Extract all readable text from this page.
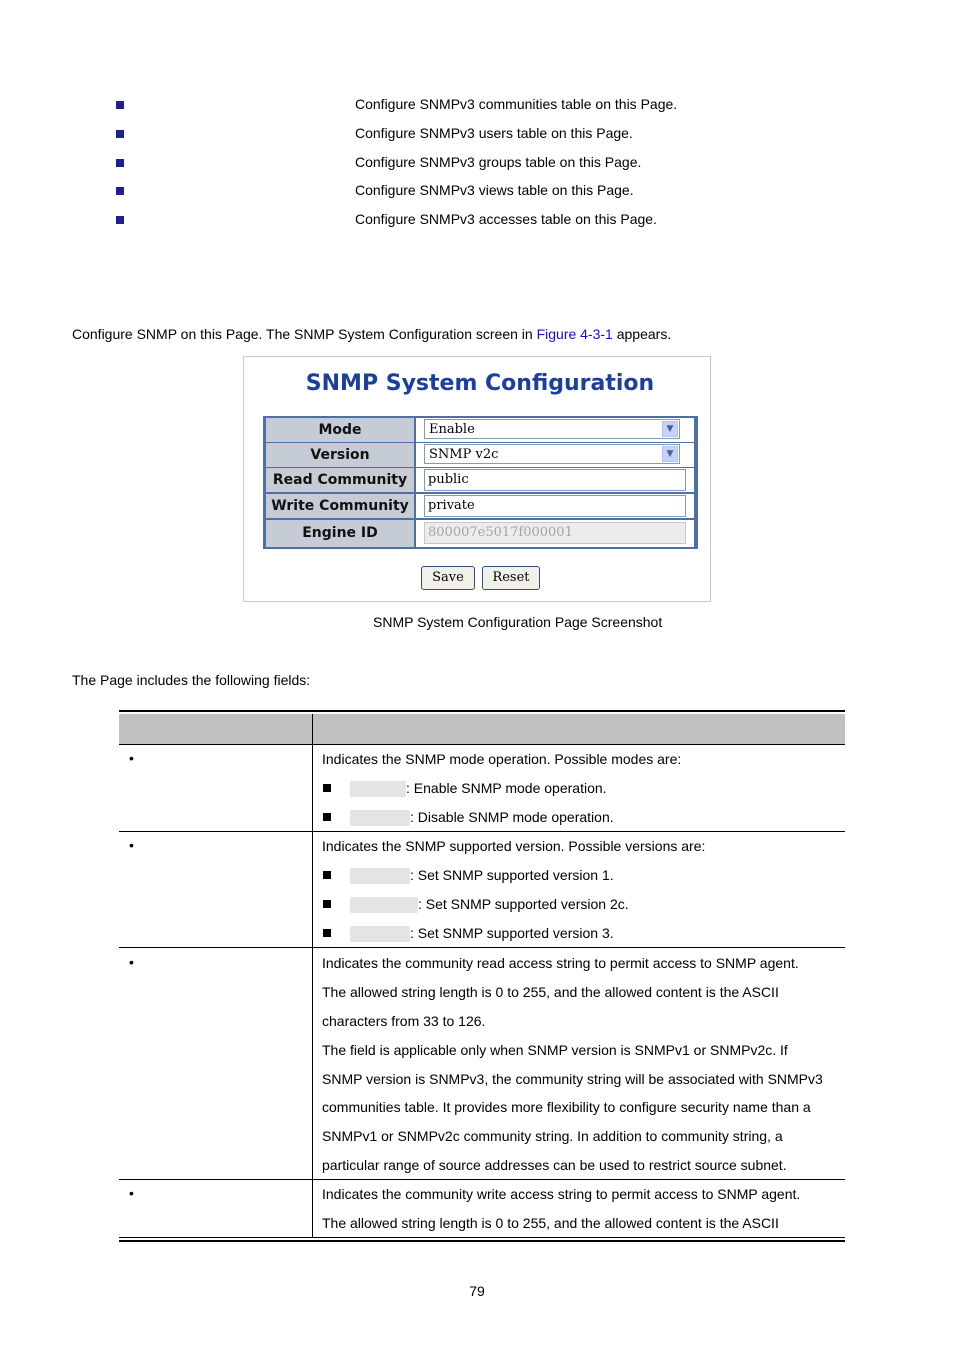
Configure SNMPv3 communities table on this Page.
Configure SNMPv3 users table on this Page.
Configure SNMPv3 groups table on this Page.
Configure SNMPv3 views table on this Page.
Configure SNMPv3 accesses table on this Page.
Configure SNMP on this Page. The SNMP System Configuration screen in Figure 4-3-1 appears.
SNMP System Configuration
Mode	Enable	▼
Version	SNMP v2c	▼
Read Community	public
Write Community	private
Engine ID	800007e5017f000001
Save	Reset
SNMP System Configuration Page Screenshot
The Page includes the following fields:
•	Indicates the SNMP mode operation. Possible modes are:
: Enable SNMP mode operation.
: Disable SNMP mode operation.
•	Indicates the SNMP supported version. Possible versions are:
: Set SNMP supported version 1.
: Set SNMP supported version 2c.
: Set SNMP supported version 3.
•	Indicates the community read access string to permit access to SNMP agent.
The allowed string length is 0 to 255, and the allowed content is the ASCII
characters from 33 to 126.
The field is applicable only when SNMP version is SNMPv1 or SNMPv2c. If
SNMP version is SNMPv3, the community string will be associated with SNMPv3
communities table. It provides more flexibility to configure security name than a
SNMPv1 or SNMPv2c community string. In addition to community string, a
particular range of source addresses can be used to restrict source subnet.
•	Indicates the community write access string to permit access to SNMP agent.
The allowed string length is 0 to 255, and the allowed content is the ASCII
79
